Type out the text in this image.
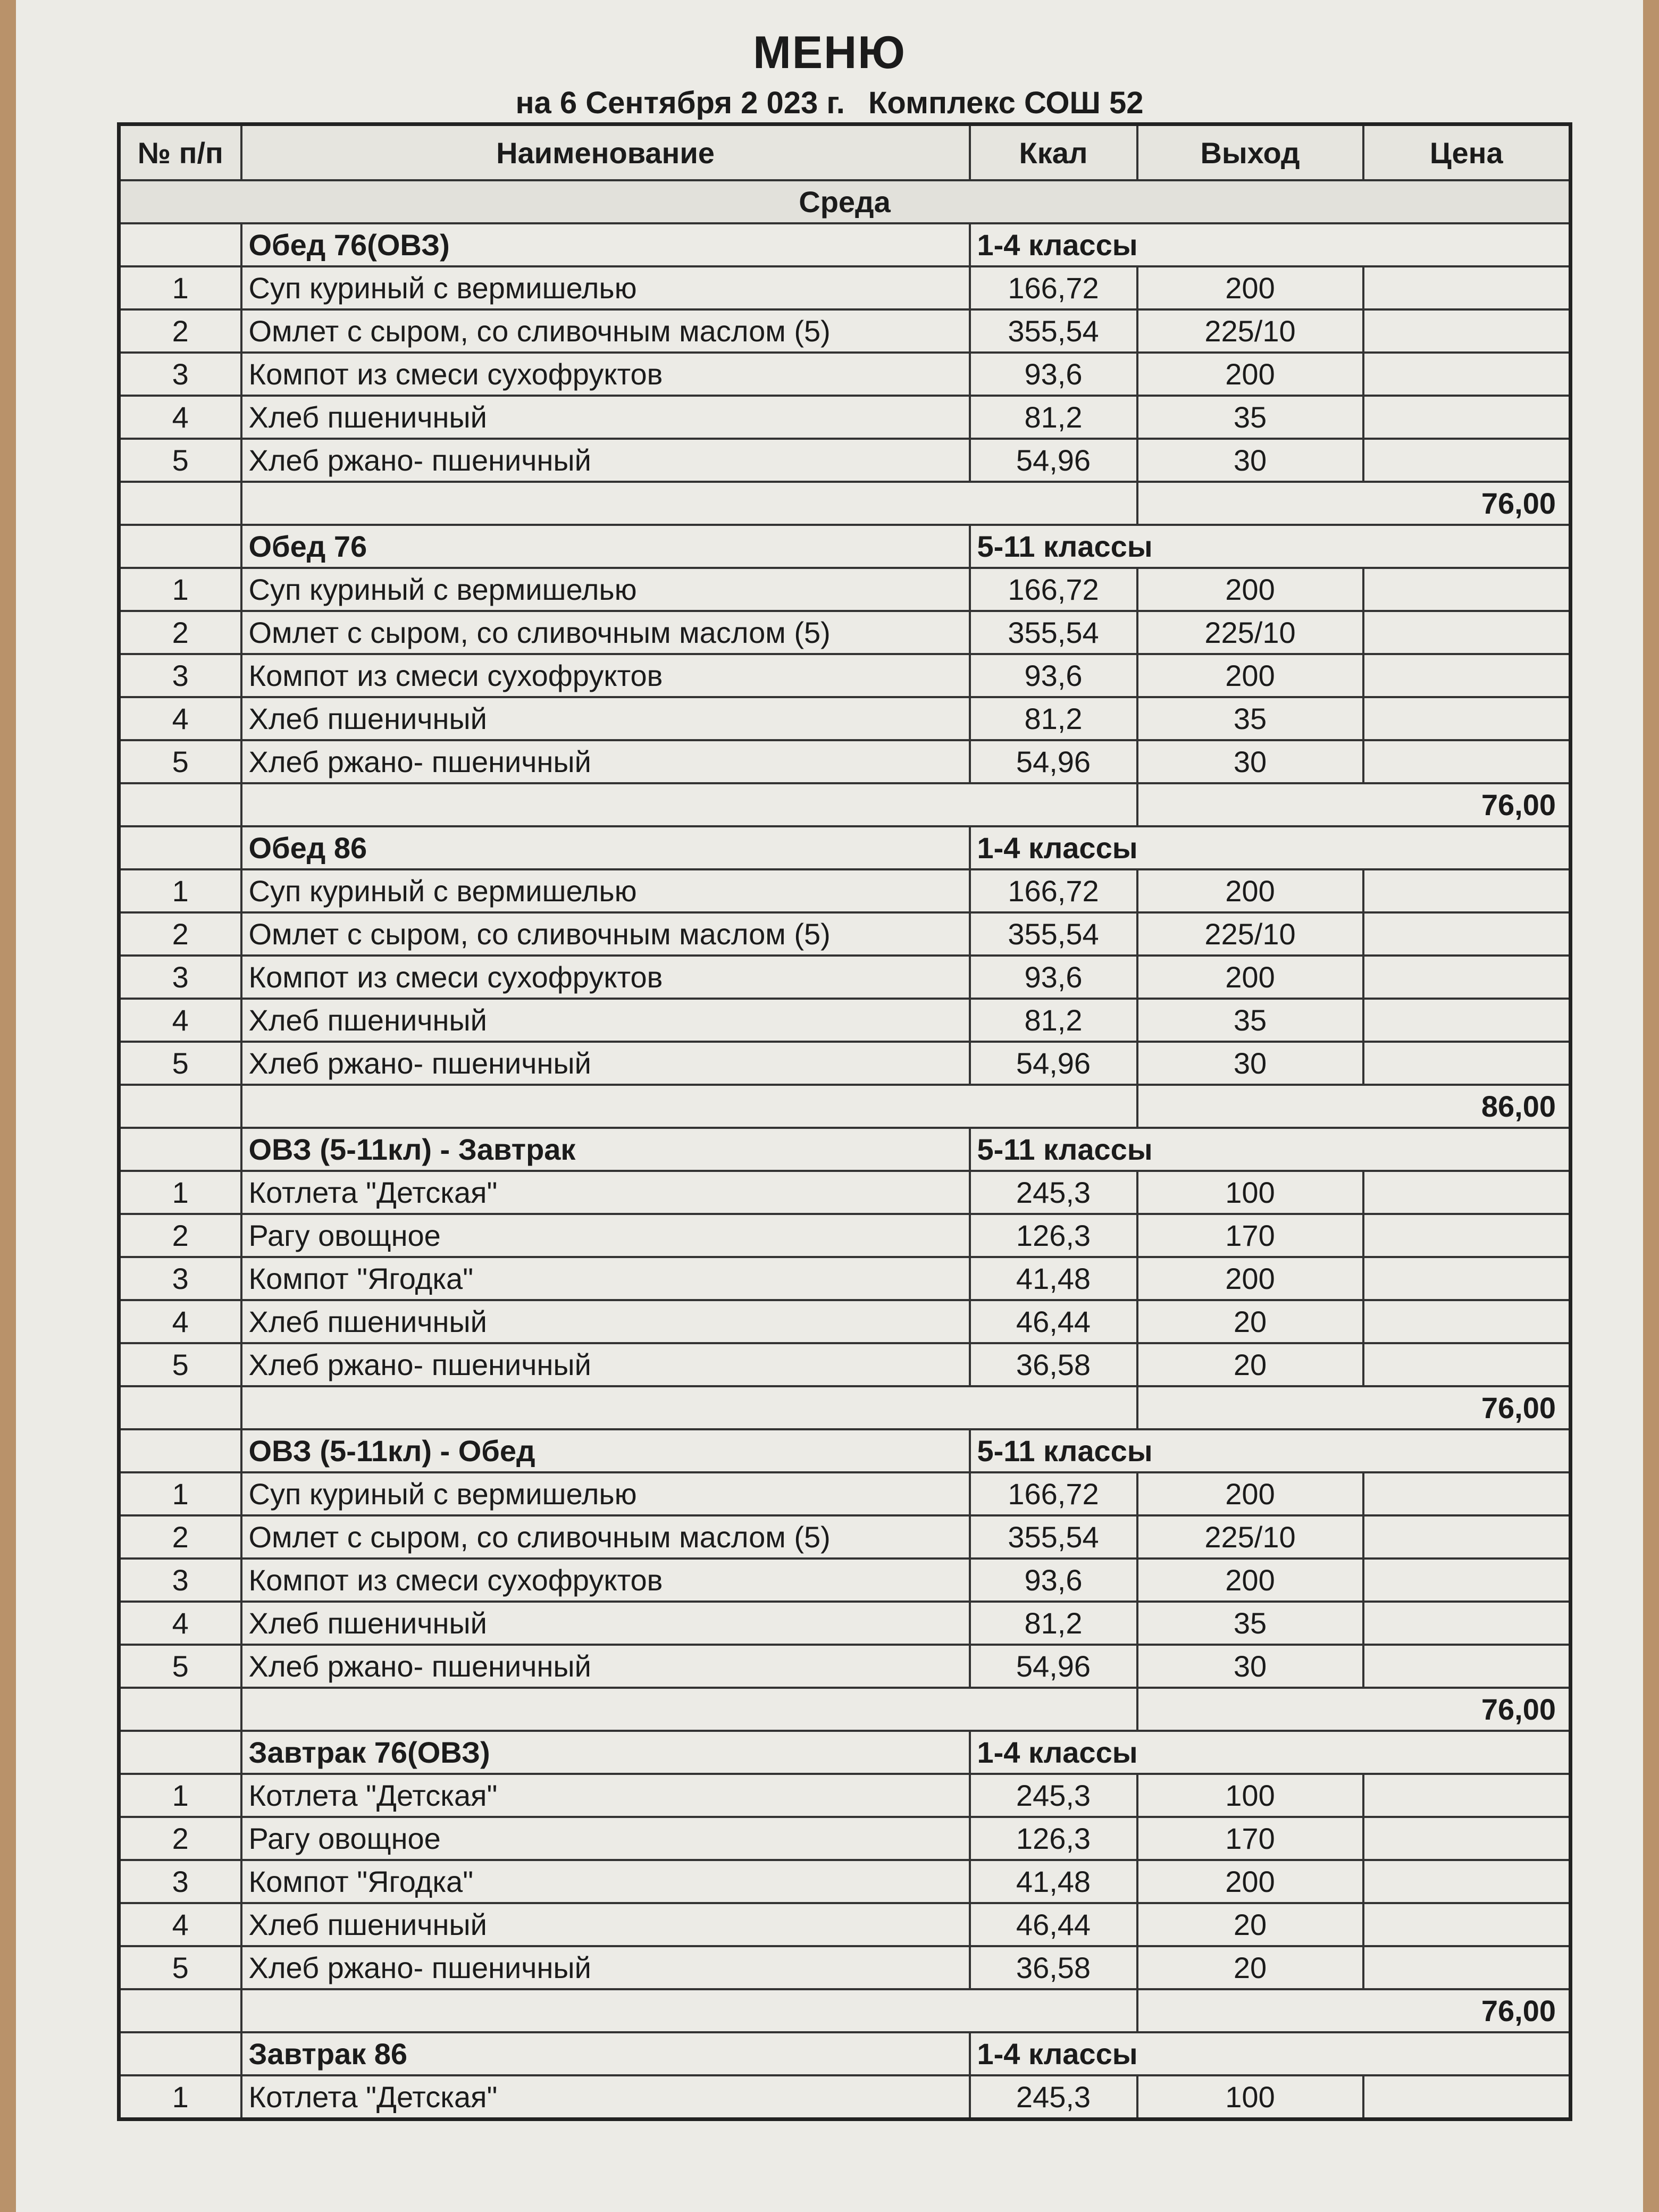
МЕНЮ
на 6 Сентября 2 023 г. Комплекс СОШ 52
№ п/п	Наименование	Ккал	Выход	Цена
Среда				
	Обед 76(ОВЗ)	1-4 классы		
1	Суп куриный с вермишелью	166,72	200	
2	Омлет с сыром, со сливочным маслом (5)	355,54	225/10	
3	Компот из смеси сухофруктов	93,6	200	
4	Хлеб пшеничный	81,2	35	
5	Хлеб ржано- пшеничный	54,96	30	
			76,00	
	Обед 76	5-11 классы		
1	Суп куриный с вермишелью	166,72	200	
2	Омлет с сыром, со сливочным маслом (5)	355,54	225/10	
3	Компот из смеси сухофруктов	93,6	200	
4	Хлеб пшеничный	81,2	35	
5	Хлеб ржано- пшеничный	54,96	30	
			76,00	
	Обед 86	1-4 классы		
1	Суп куриный с вермишелью	166,72	200	
2	Омлет с сыром, со сливочным маслом (5)	355,54	225/10	
3	Компот из смеси сухофруктов	93,6	200	
4	Хлеб пшеничный	81,2	35	
5	Хлеб ржано- пшеничный	54,96	30	
			86,00	
	ОВЗ (5-11кл) - Завтрак	5-11 классы		
1	Котлета "Детская"	245,3	100	
2	Рагу овощное	126,3	170	
3	Компот "Ягодка"	41,48	200	
4	Хлеб пшеничный	46,44	20	
5	Хлеб ржано- пшеничный	36,58	20	
			76,00	
	ОВЗ (5-11кл) - Обед	5-11 классы		
1	Суп куриный с вермишелью	166,72	200	
2	Омлет с сыром, со сливочным маслом (5)	355,54	225/10	
3	Компот из смеси сухофруктов	93,6	200	
4	Хлеб пшеничный	81,2	35	
5	Хлеб ржано- пшеничный	54,96	30	
			76,00	
	Завтрак 76(ОВЗ)	1-4 классы		
1	Котлета "Детская"	245,3	100	
2	Рагу овощное	126,3	170	
3	Компот "Ягодка"	41,48	200	
4	Хлеб пшеничный	46,44	20	
5	Хлеб ржано- пшеничный	36,58	20	
			76,00	
	Завтрак 86	1-4 классы		
1	Котлета "Детская"	245,3	100	
